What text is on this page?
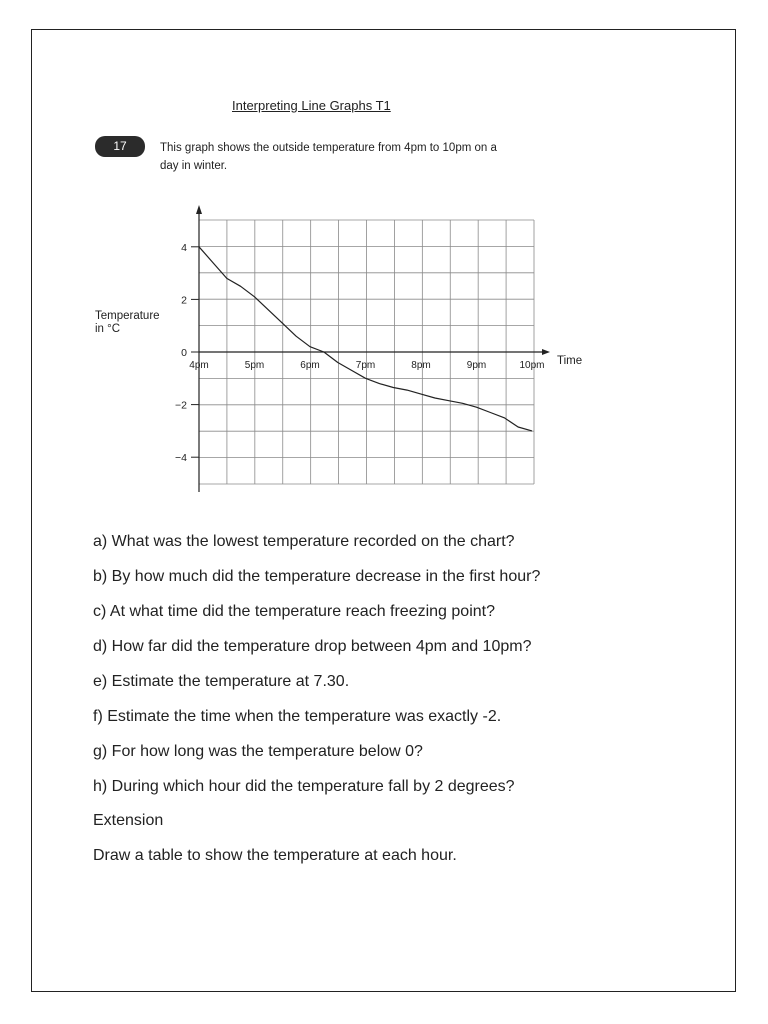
Interpreting Line Graphs T1
17	This graph shows the outside temperature from 4pm to 10pm on a
day in winter.
4
2
0
−2
−4
4pm	5pm	6pm	7pm	8pm	9pm	10pm
Temperature
in °C
Time
a) What was the lowest temperature recorded on the chart?
b) By how much did the temperature decrease in the first hour?
c) At what time did the temperature reach freezing point?
d) How far did the temperature drop between 4pm and 10pm?
e) Estimate the temperature at 7.30.
f) Estimate the time when the temperature was exactly -2.
g) For how long was the temperature below 0?
h) During which hour did the temperature fall by 2 degrees?
Extension
Draw a table to show the temperature at each hour.
